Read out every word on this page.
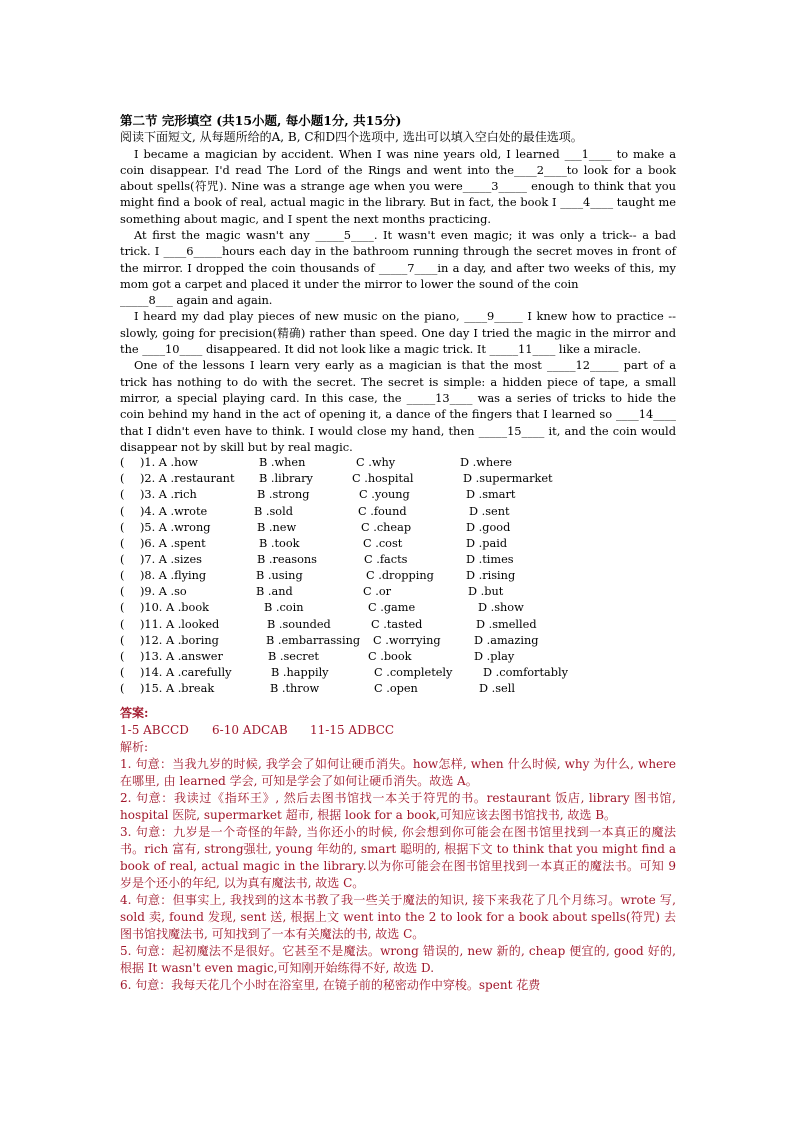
第二节 完形填空 (共15小题, 每小题1分, 共15分)
阅读下面短文, 从每题所给的A, B, C和D四个选项中, 选出可以填入空白处的最佳选项。

I became a magician by accident. When I was nine years old, I learned ___1____ to make a coin disappear. I'd read The Lord of the Rings and went into the____2____to look for a book about spells(符咒). Nine was a strange age when you were_____3_____ enough to think that you might find a book of real, actual magic in the library. But in fact, the book I ____4____ taught me something about magic, and I spent the next months practicing.

At first the magic wasn't any _____5____. It wasn't even magic; it was only a trick-- a bad trick. I ____6_____hours each day in the bathroom running through the secret moves in front of the mirror. I dropped the coin thousands of _____7____in a day, and after two weeks of this, my mom got a carpet and placed it under the mirror to lower the sound of the coin

_____8___ again and again.

I heard my dad play pieces of new music on the piano, ____9_____ I knew how to practice --slowly, going for precision(精确) rather than speed. One day I tried the magic in the mirror and the ____10____ disappeared. It did not look like a magic trick. It _____11____ like a miracle.

One of the lessons I learn very early as a magician is that the most _____12_____ part of a trick has nothing to do with the secret. The secret is simple: a hidden piece of tape, a small mirror, a special playing card. In this case, the _____13____ was a series of tricks to hide the coin behind my hand in the act of opening it, a dance of the fingers that I learned so ____14____ that I didn't even have to think. I would close my hand, then _____15____ it, and the coin would disappear not by skill but by real magic.

( )1. A .how	B .when	C .why	D .where
( )2. A .restaurant B .library	C .hospital	D .supermarket
( )3. A .rich	B .strong	C .young	D .smart
( )4. A .wrote	B .sold	C .found	D .sent
( )5. A .wrong	B .new	C .cheap	D .good
( )6. A .spent	B .took	C .cost	D .paid
( )7. A .sizes	B .reasons	C .facts	D .times
( )8. A .flying	B .using	C .dropping	D .rising
( )9. A .so	B .and	C .or	D .but
( )10. A .book	B .coin	C .game	D .show
( )11. A .looked	B .sounded	C .tasted	D .smelled
( )12. A .boring	B .embarrassing C .worrying	D .amazing
( )13. A .answer	B .secret	C .book	D .play
( )14. A .carefully	B .happily	C .completely	D .comfortably
( )15. A .break	B .throw	C .open	D .sell
答案:
1-5 ABCCD 6-10 ADCAB 11-15 ADBCC
解析:

1. 句意：当我九岁的时候, 我学会了如何让硬币消失。how怎样, when 什么时候, why 为什么, where 在哪里, 由 learned 学会, 可知是学会了如何让硬币消失。故选 A。

2. 句意：我读过《指环王》, 然后去图书馆找一本关于符咒的书。restaurant 饭店, library 图书馆, hospital 医院, supermarket 超市, 根据 look for a book,可知应该去图书馆找书, 故选 B。

3. 句意：九岁是一个奇怪的年龄, 当你还小的时候, 你会想到你可能会在图书馆里找到一本真正的魔法书。rich 富有, strong强壮, young 年幼的, smart 聪明的, 根据下文 to think that you might find a book of real, actual magic in the library.以为你可能会在图书馆里找到一本真正的魔法书。可知 9 岁是个还小的年纪, 以为真有魔法书, 故选 C。

4. 句意：但事实上, 我找到的这本书教了我一些关于魔法的知识, 接下来我花了几个月练习。wrote 写, sold 卖, found 发现, sent 送, 根据上文 went into the 2 to look for a book about spells(符咒) 去图书馆找魔法书, 可知找到了一本有关魔法的书, 故选 C。

5. 句意：起初魔法不是很好。它甚至不是魔法。wrong 错误的, new 新的, cheap 便宜的, good 好的, 根据 It wasn't even magic,可知刚开始练得不好, 故选 D.

6. 句意：我每天花几个小时在浴室里, 在镜子前的秘密动作中穿梭。spent 花费
